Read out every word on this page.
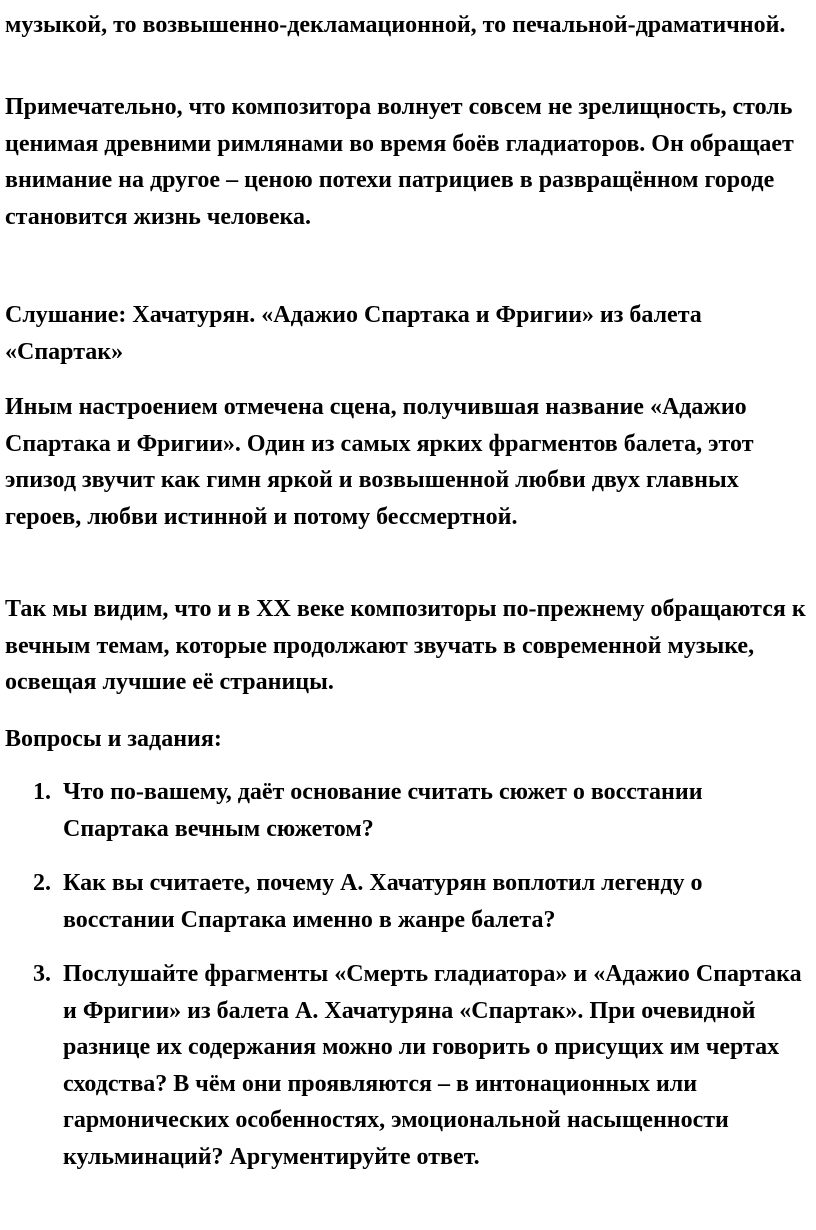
музыкой, то возвышенно-декламационной, то печальной-драматичной.

Примечательно, что композитора волнует совсем не зрелищность, столь ценимая древними римлянами во время боёв гладиаторов. Он обращает внимание на другое – ценою потехи патрициев в развращённом городе становится жизнь человека.

Слушание: Хачатурян. «Адажио Спартака и Фригии» из балета «Спартак»

Иным настроением отмечена сцена, получившая название «Адажио Спартака и Фригии». Один из самых ярких фрагментов балета, этот эпизод звучит как гимн яркой и возвышенной любви двух главных героев, любви истинной и потому бессмертной.

Так мы видим, что и в XX веке композиторы по-прежнему обращаются к вечным темам, которые продолжают звучать в современной музыке, освещая лучшие её страницы.

Вопросы и задания:

1. Что по-вашему, даёт основание считать сюжет о восстании Спартака вечным сюжетом?
2. Как вы считаете, почему А. Хачатурян воплотил легенду о восстании Спартака именно в жанре балета?
3. Послушайте фрагменты «Смерть гладиатора» и «Адажио Спартака и Фригии» из балета А. Хачатуряна «Спартак». При очевидной разнице их содержания можно ли говорить о присущих им чертах сходства? В чём они проявляются – в интонационных или гармонических особенностях, эмоциональной насыщенности кульминаций? Аргументируйте ответ.
